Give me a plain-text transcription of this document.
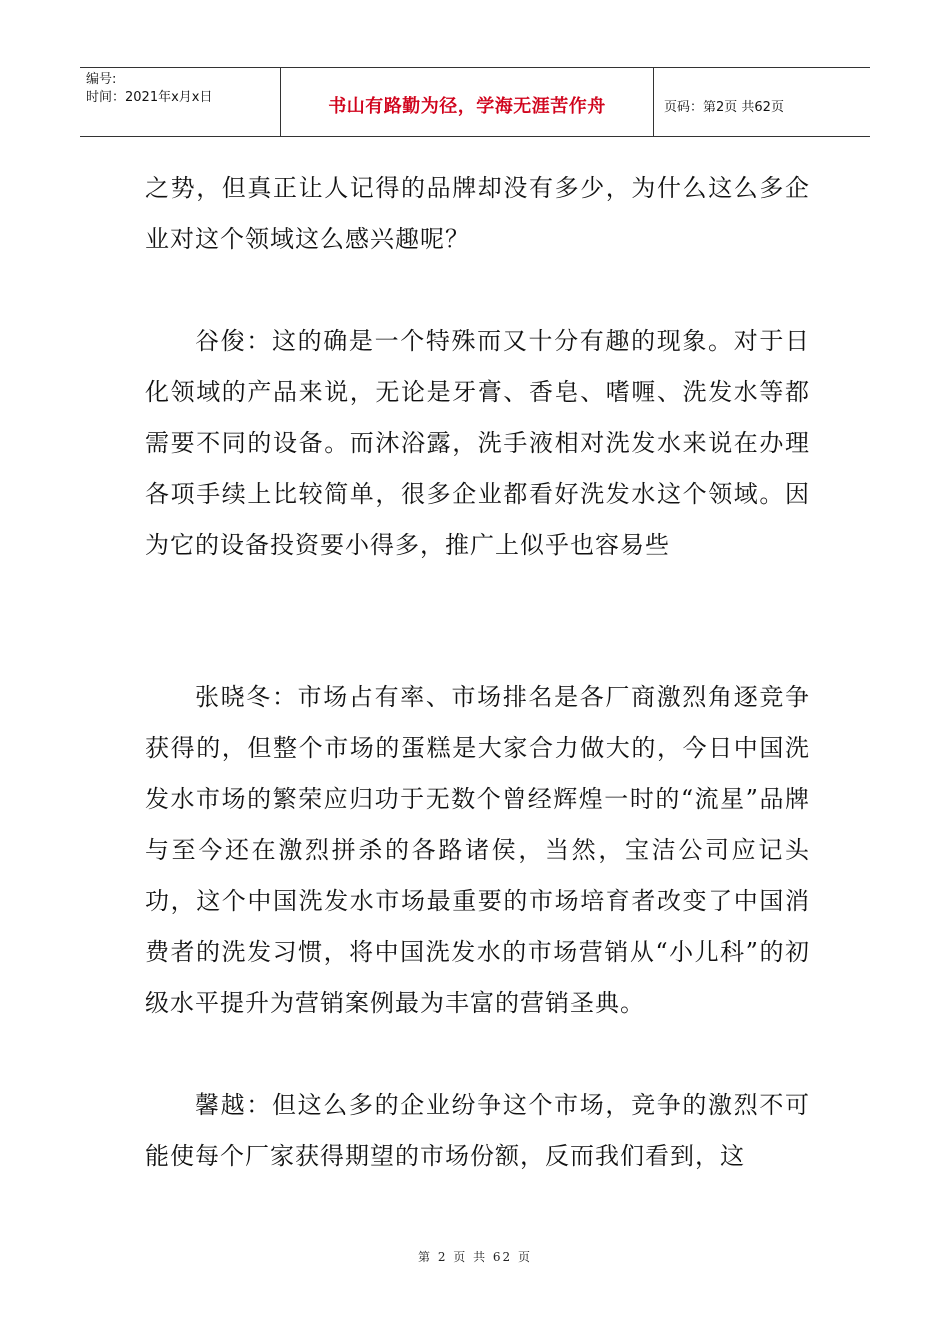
编号:
时间：2021年x月x日	书山有路勤为径，学海无涯苦作舟	页码：第2页 共62页

之势，但真正让人记得的品牌却没有多少，为什么这么多企业对这个领域这么感兴趣呢？

谷俊：这的确是一个特殊而又十分有趣的现象。对于日化领域的产品来说，无论是牙膏、香皂、嗜喱、洗发水等都需要不同的设备。而沐浴露，洗手液相对洗发水来说在办理各项手续上比较简单，很多企业都看好洗发水这个领域。因为它的设备投资要小得多，推广上似乎也容易些

张晓冬：市场占有率、市场排名是各厂商激烈角逐竞争获得的，但整个市场的蛋糕是大家合力做大的，今日中国洗发水市场的繁荣应归功于无数个曾经辉煌一时的“流星”品牌与至今还在激烈拼杀的各路诸侯，当然，宝洁公司应记头功，这个中国洗发水市场最重要的市场培育者改变了中国消费者的洗发习惯，将中国洗发水的市场营销从“小儿科”的初级水平提升为营销案例最为丰富的营销圣典。

馨越：但这么多的企业纷争这个市场，竞争的激烈不可能使每个厂家获得期望的市场份额，反而我们看到，这

第 2 页 共 62 页
